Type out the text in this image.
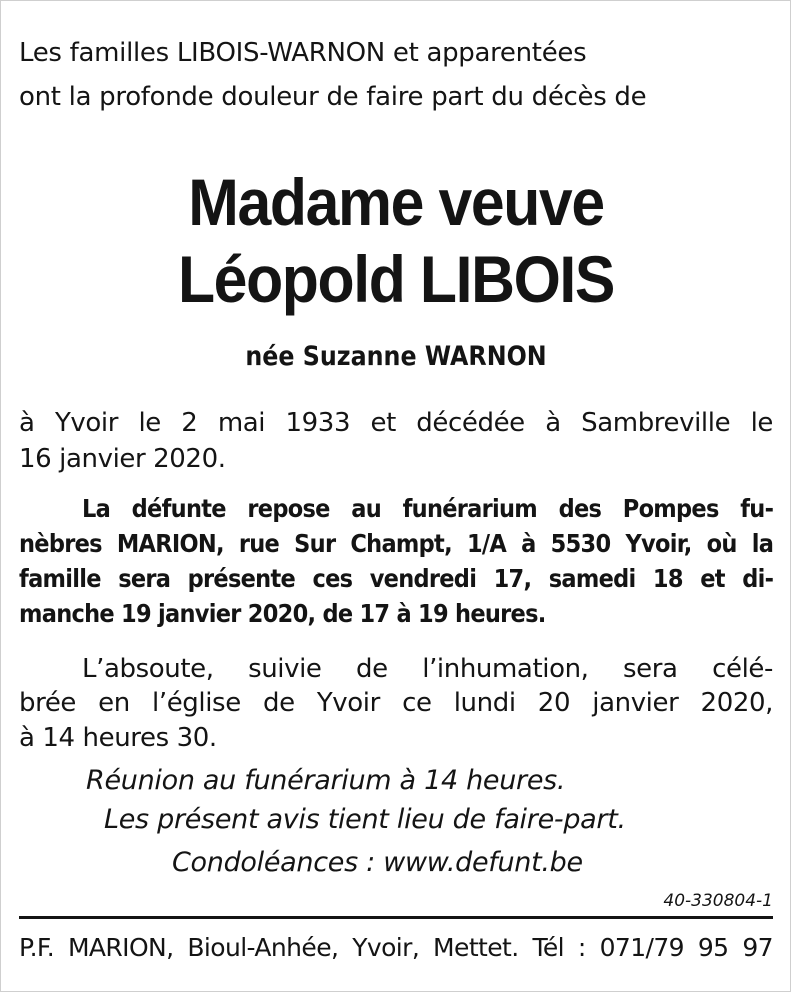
Les familles LIBOIS-WARNON et apparentées
ont la profonde douleur de faire part du décès de
Madame veuve
Léopold LIBOIS
née Suzanne WARNON
à Yvoir le 2 mai 1933 et décédée à Sambreville le
16 janvier 2020.
La défunte repose au funérarium des Pompes fu-
nèbres MARION, rue Sur Champt, 1/A à 5530 Yvoir, où la
famille sera présente ces vendredi 17, samedi 18 et di-
manche 19 janvier 2020, de 17 à 19 heures.
L’absoute, suivie de l’inhumation, sera célé-
brée en l’église de Yvoir ce lundi 20 janvier 2020,
à 14 heures 30.
Réunion au funérarium à 14 heures.
Les présent avis tient lieu de faire-part.
Condoléances : www.defunt.be
40-330804-1
P.F. MARION, Bioul-Anhée, Yvoir, Mettet. Tél : 071/79 95 97
